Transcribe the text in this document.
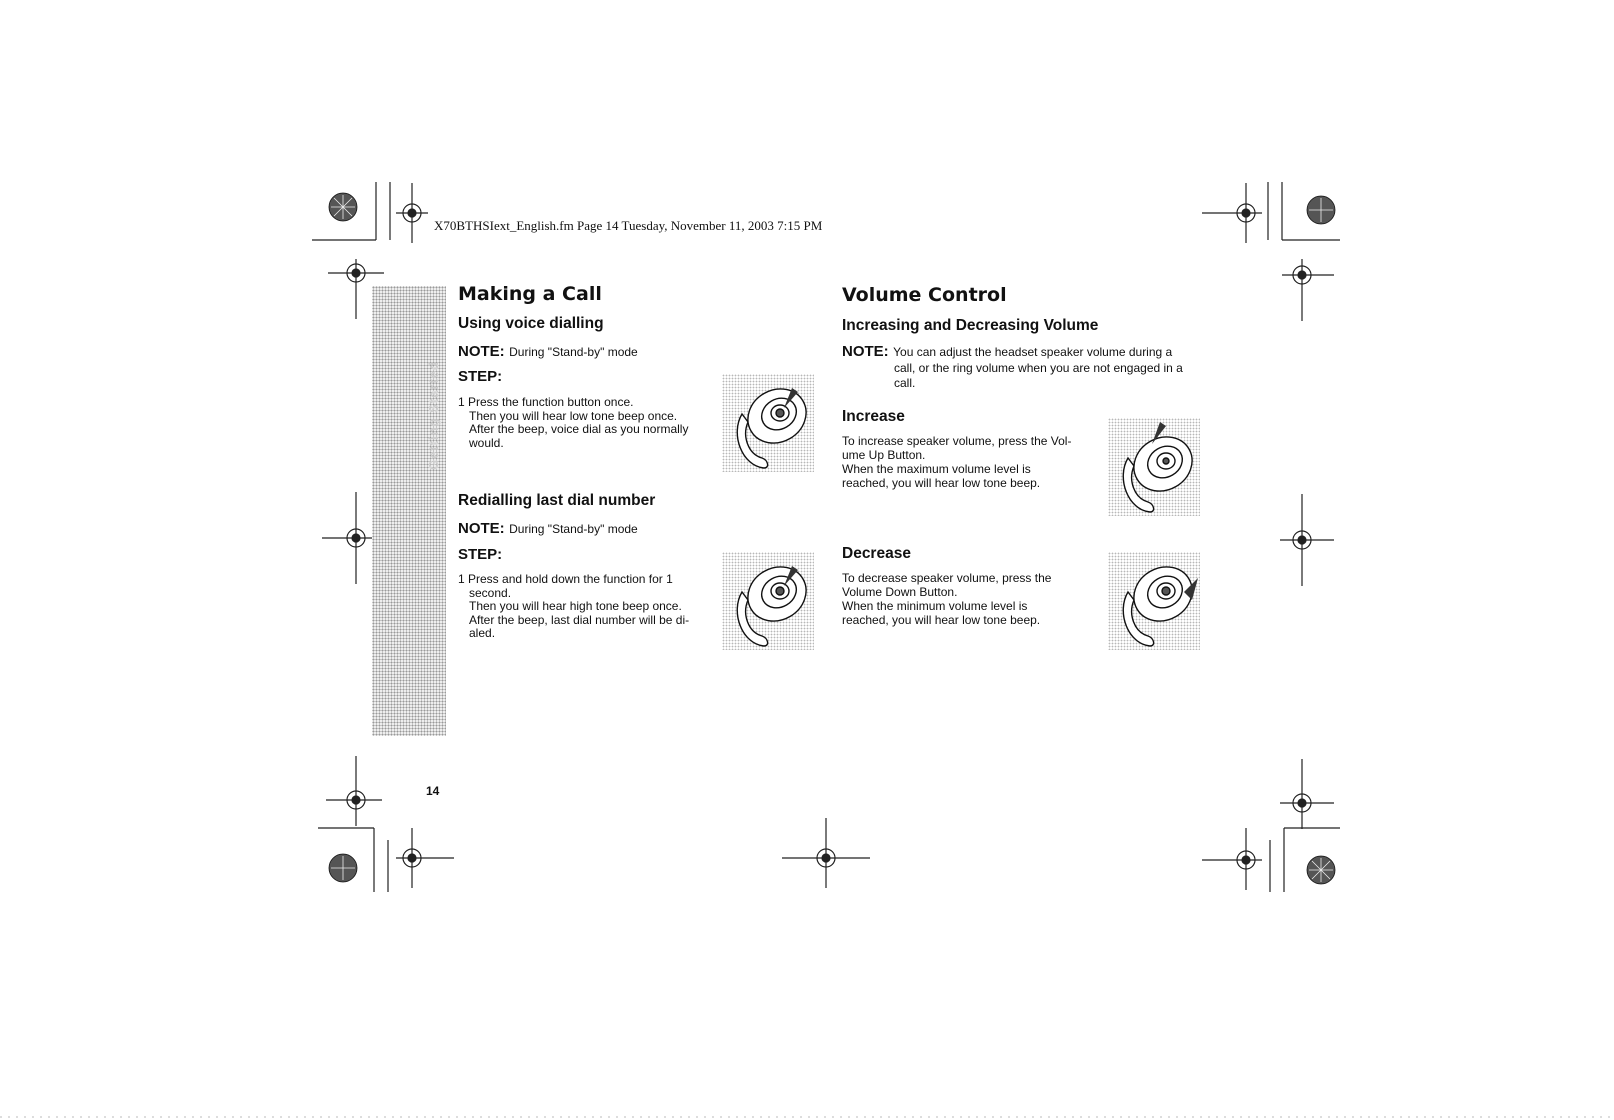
X70BTHSIext_English.fm Page 14 Tuesday, November 11, 2003 7:15 PM
Getting Started
Making a Call
Using voice dialling
NOTE: During "Stand-by" mode
STEP:
1 Press the function button once.
Then you will hear low tone beep once.
After the beep, voice dial as you normally
would.
Redialling last dial number
NOTE: During "Stand-by" mode
STEP:
1 Press and hold down the function for 1
second.
Then you will hear high tone beep once.
After the beep, last dial number will be di-
aled.
Volume Control
Increasing and Decreasing Volume
NOTE: You can adjust the headset speaker volume during a
call, or the ring volume when you are not engaged in a
call.
Increase
To increase speaker volume, press the Vol-
ume Up Button.
When the maximum volume level is
reached, you will hear low tone beep.
Decrease
To decrease speaker volume, press the
Volume Down Button.
When the minimum volume level is
reached, you will hear low tone beep.
14
